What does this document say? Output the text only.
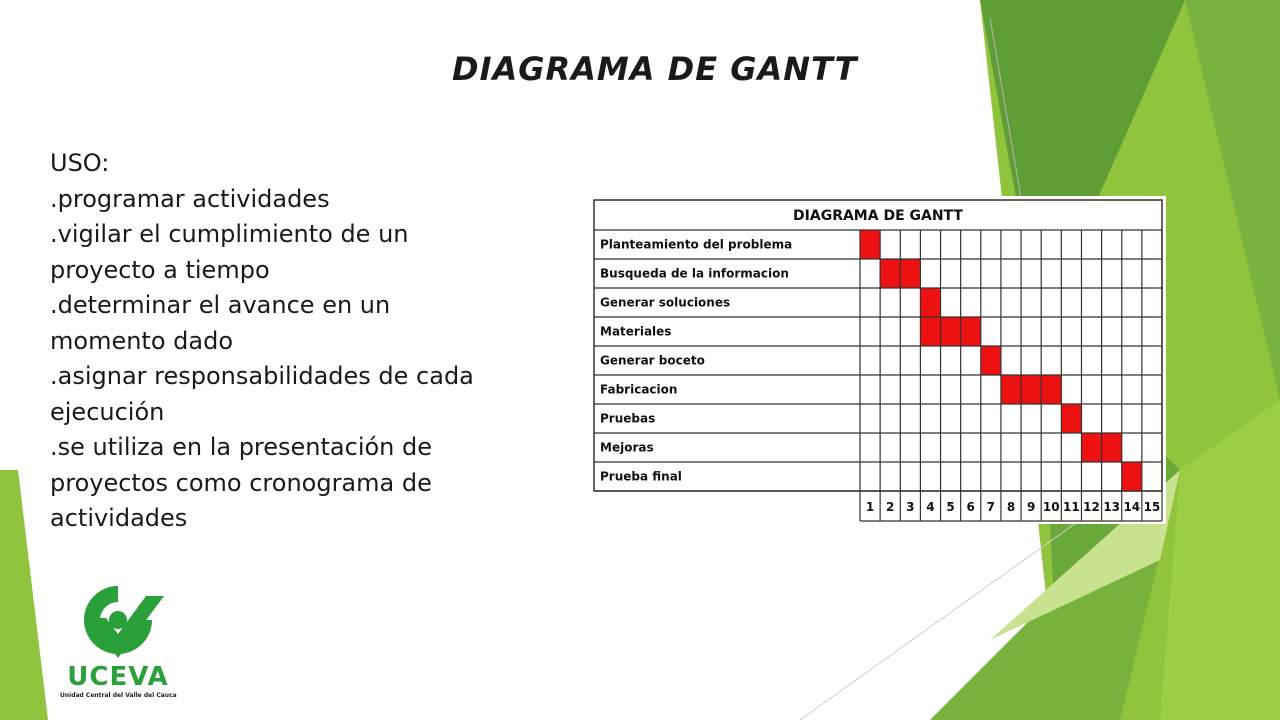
DIAGRAMA DE GANTT
USO:
.programar actividades
.vigilar el cumplimiento de un
proyecto a tiempo
.determinar el avance en un
momento dado
.asignar responsabilidades de cada
ejecución
.se utiliza en la presentación de
proyectos como cronograma de
actividades
DIAGRAMA DE GANTT
Planteamiento del problema
Busqueda de la informacion
Generar soluciones
Materiales
Generar boceto
Fabricacion
Pruebas
Mejoras
Prueba final
1 2 3 4 5 6 7 8 9 10 11 12 13 14 15
UCEVA
Unidad Central del Valle del Cauca
